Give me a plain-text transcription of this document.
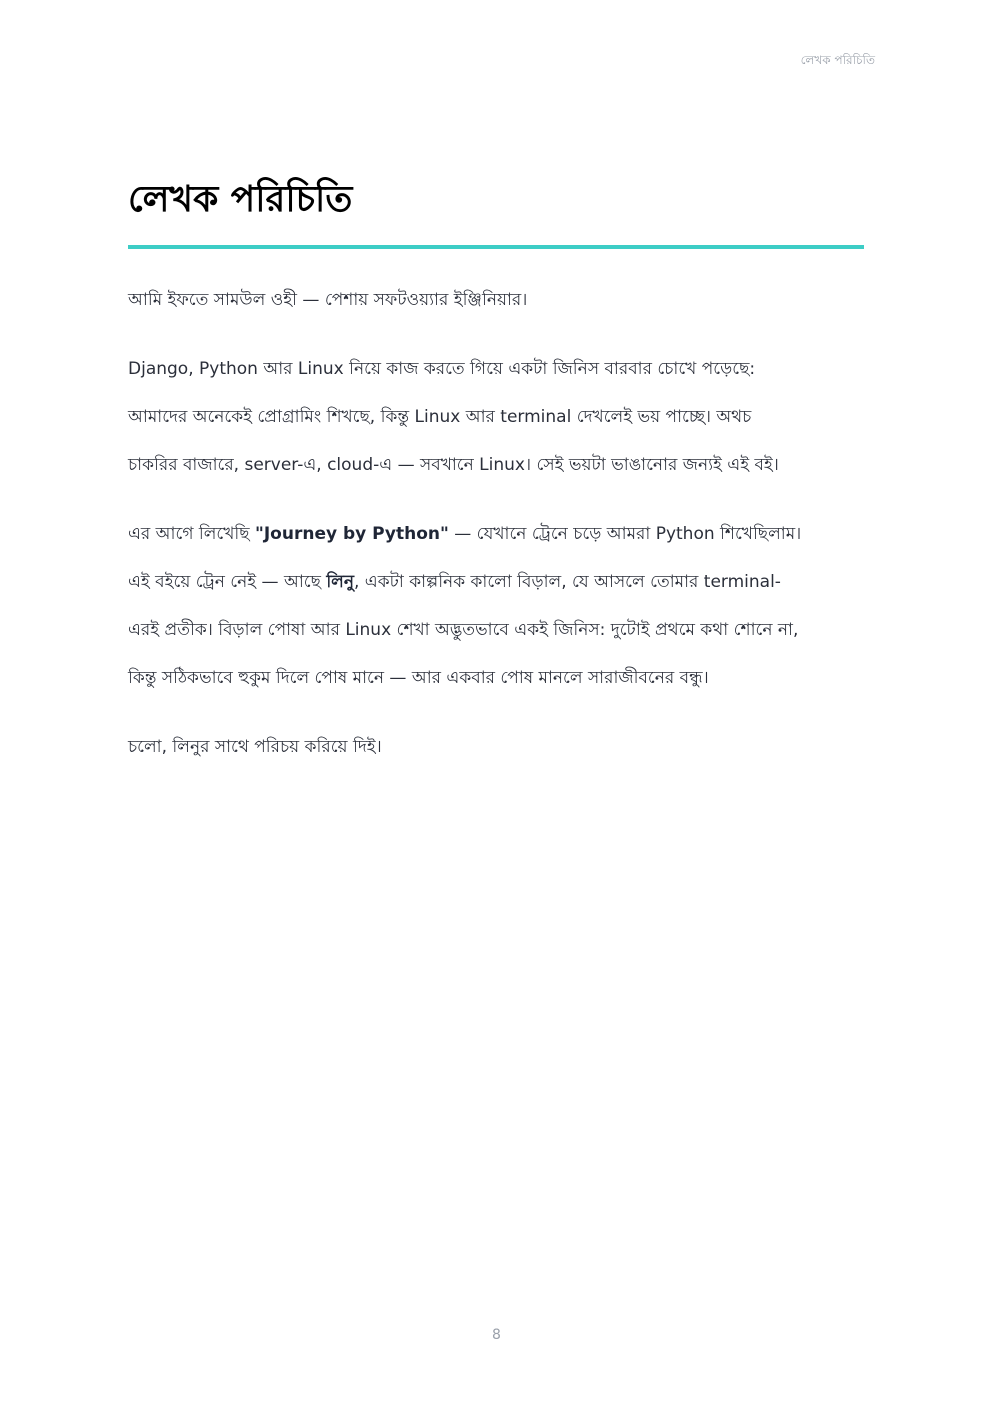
লেখক পরিচিতি
লেখক পরিচিতি

আমি ইফতে সামউল ওহী — পেশায় সফটওয়্যার ইঞ্জিনিয়ার।

Django, Python আর Linux নিয়ে কাজ করতে গিয়ে একটা জিনিস বারবার চোখে পড়েছে:
আমাদের অনেকেই প্রোগ্রামিং শিখছে, কিন্তু Linux আর terminal দেখলেই ভয় পাচ্ছে। অথচ
চাকরির বাজারে, server-এ, cloud-এ — সবখানে Linux। সেই ভয়টা ভাঙানোর জন্যই এই বই।

এর আগে লিখেছি "Journey by Python" — যেখানে ট্রেনে চড়ে আমরা Python শিখেছিলাম।
এই বইয়ে ট্রেন নেই — আছে লিনু, একটা কাল্পনিক কালো বিড়াল, যে আসলে তোমার terminal-
এরই প্রতীক। বিড়াল পোষা আর Linux শেখা অদ্ভুতভাবে একই জিনিস: দুটোই প্রথমে কথা শোনে না,
কিন্তু সঠিকভাবে হুকুম দিলে পোষ মানে — আর একবার পোষ মানলে সারাজীবনের বন্ধু।

চলো, লিনুর সাথে পরিচয় করিয়ে দিই।

8
